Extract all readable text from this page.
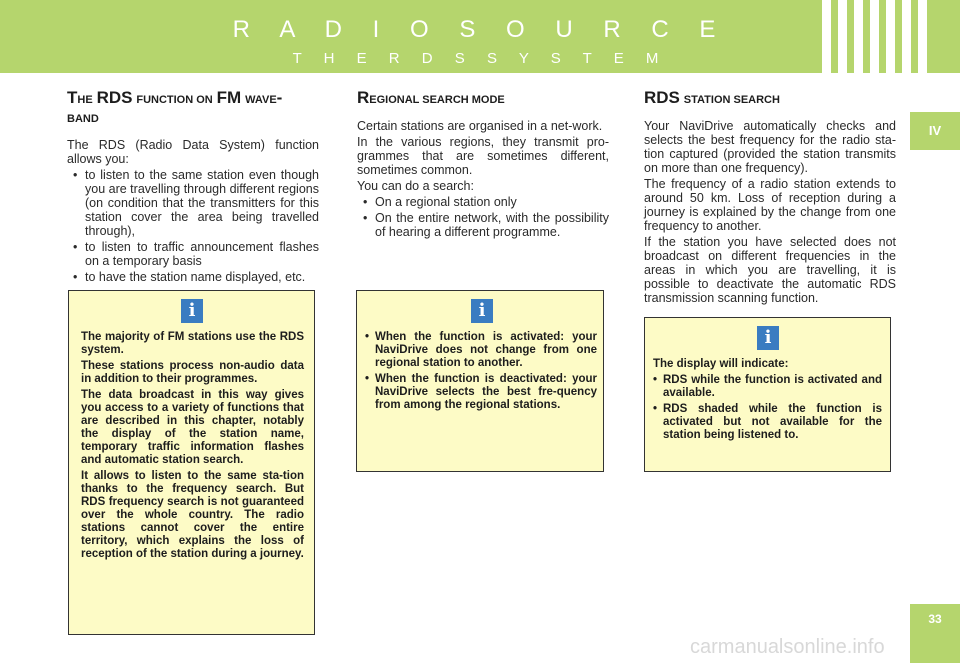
R A D I O S O U R C E
T H E R D S S Y S T E M
IV
33
THE RDS FUNCTION ON FM WAVE-
BAND

The RDS (Radio Data System) function allows you:

• to listen to the same station even though you are travelling through different regions (on condition that the transmitters for this station cover the area being travelled through),
• to listen to traffic announcement flashes on a temporary basis
• to have the station name displayed, etc.
REGIONAL SEARCH MODE

Certain stations are organised in a net-work.

In the various regions, they transmit pro-grammes that are sometimes different, sometimes common.

You can do a search:

• On a regional station only
• On the entire network, with the possibility of hearing a different programme.
RDS STATION SEARCH

Your NaviDrive automatically checks and selects the best frequency for the radio sta-tion captured (provided the station transmits on more than one frequency).

The frequency of a radio station extends to around 50 km. Loss of reception during a journey is explained by the change from one frequency to another.

If the station you have selected does not broadcast on different frequencies in the areas in which you are travelling, it is possible to deactivate the automatic RDS transmission scanning function.

i

The majority of FM stations use the RDS system.

These stations process non-audio data in addition to their programmes.

The data broadcast in this way gives you access to a variety of functions that are described in this chapter, notably the display of the station name, temporary traffic information flashes and automatic station search.

It allows to listen to the same sta-tion thanks to the frequency search. But RDS frequency search is not guaranteed over the whole country. The radio stations cannot cover the entire territory, which explains the loss of reception of the station during a journey.

i
• When the function is activated: your NaviDrive does not change from one regional station to another.
• When the function is deactivated: your NaviDrive selects the best fre-quency from among the regional stations.
i

The display will indicate:

• RDS while the function is activated and available.
• RDS shaded while the function is activated but not available for the station being listened to.
carmanualsonline.info
